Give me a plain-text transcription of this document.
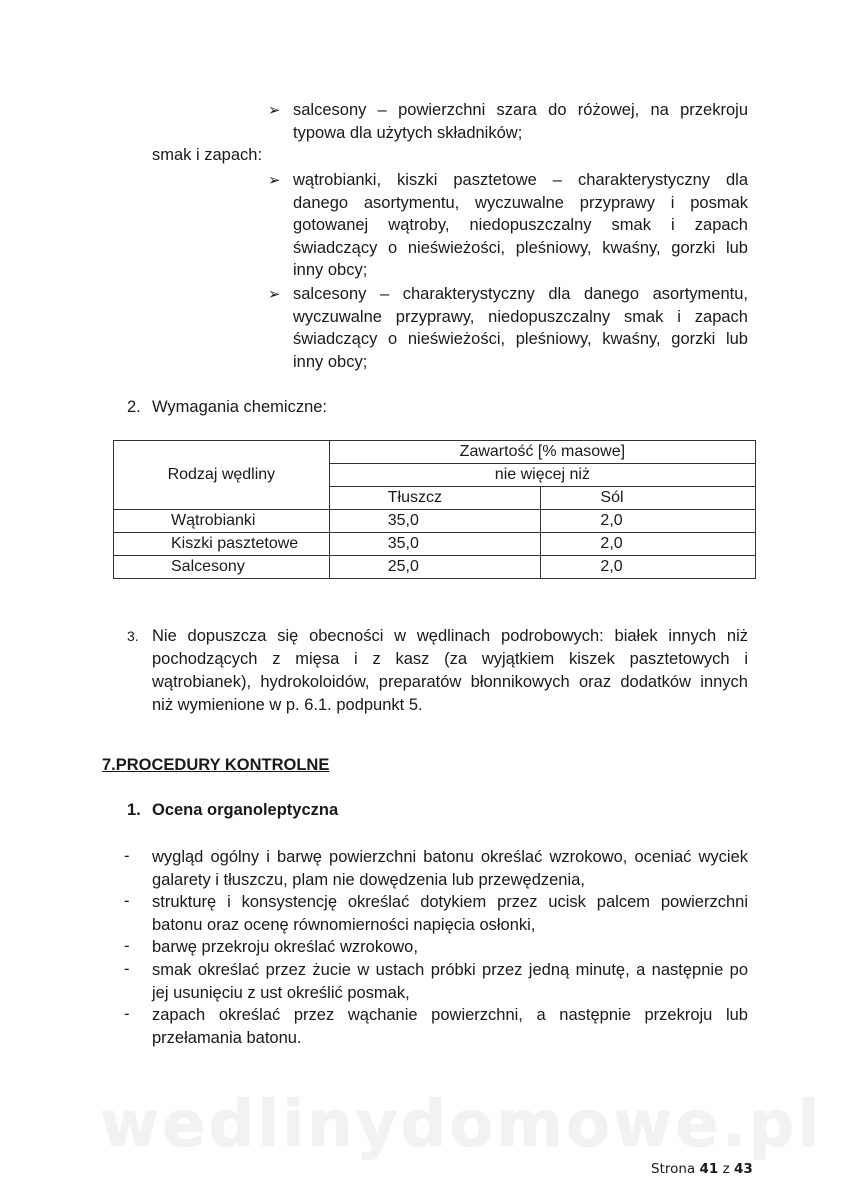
➢ salcesony – powierzchni szara do różowej, na przekroju
typowa dla użytych składników;
smak i zapach:
➢ wątrobianki, kiszki pasztetowe – charakterystyczny dla
danego asortymentu, wyczuwalne przyprawy i posmak
gotowanej wątroby, niedopuszczalny smak i zapach
świadczący o nieświeżości, pleśniowy, kwaśny, gorzki lub
inny obcy;
➢ salcesony – charakterystyczny dla danego asortymentu,
wyczuwalne przyprawy, niedopuszczalny smak i zapach
świadczący o nieświeżości, pleśniowy, kwaśny, gorzki lub
inny obcy;
2. Wymagania chemiczne:
Rodzaj wędliny	Zawartość [% masowe]	
	nie więcej niż	
	Tłuszcz	Sól
Wątrobianki	35,0	2,0
Kiszki pasztetowe	35,0	2,0
Salcesony	25,0	2,0
3. Nie dopuszcza się obecności w wędlinach podrobowych: białek innych niż
pochodzących z mięsa i z kasz (za wyjątkiem kiszek pasztetowych i
wątrobianek), hydrokoloidów, preparatów błonnikowych oraz dodatków innych
niż wymienione w p. 6.1. podpunkt 5.
7.PROCEDURY KONTROLNE
1. Ocena organoleptyczna
- wygląd ogólny i barwę powierzchni batonu określać wzrokowo, oceniać wyciek
galarety i tłuszczu, plam nie dowędzenia lub przewędzenia,
- strukturę i konsystencję określać dotykiem przez ucisk palcem powierzchni
batonu oraz ocenę równomierności napięcia osłonki,
- barwę przekroju określać wzrokowo,
- smak określać przez żucie w ustach próbki przez jedną minutę, a następnie po
jej usunięciu z ust określić posmak,
- zapach określać przez wąchanie powierzchni, a następnie przekroju lub
przełamania batonu.
wedlinydomowe.pl
Strona 41 z 43
